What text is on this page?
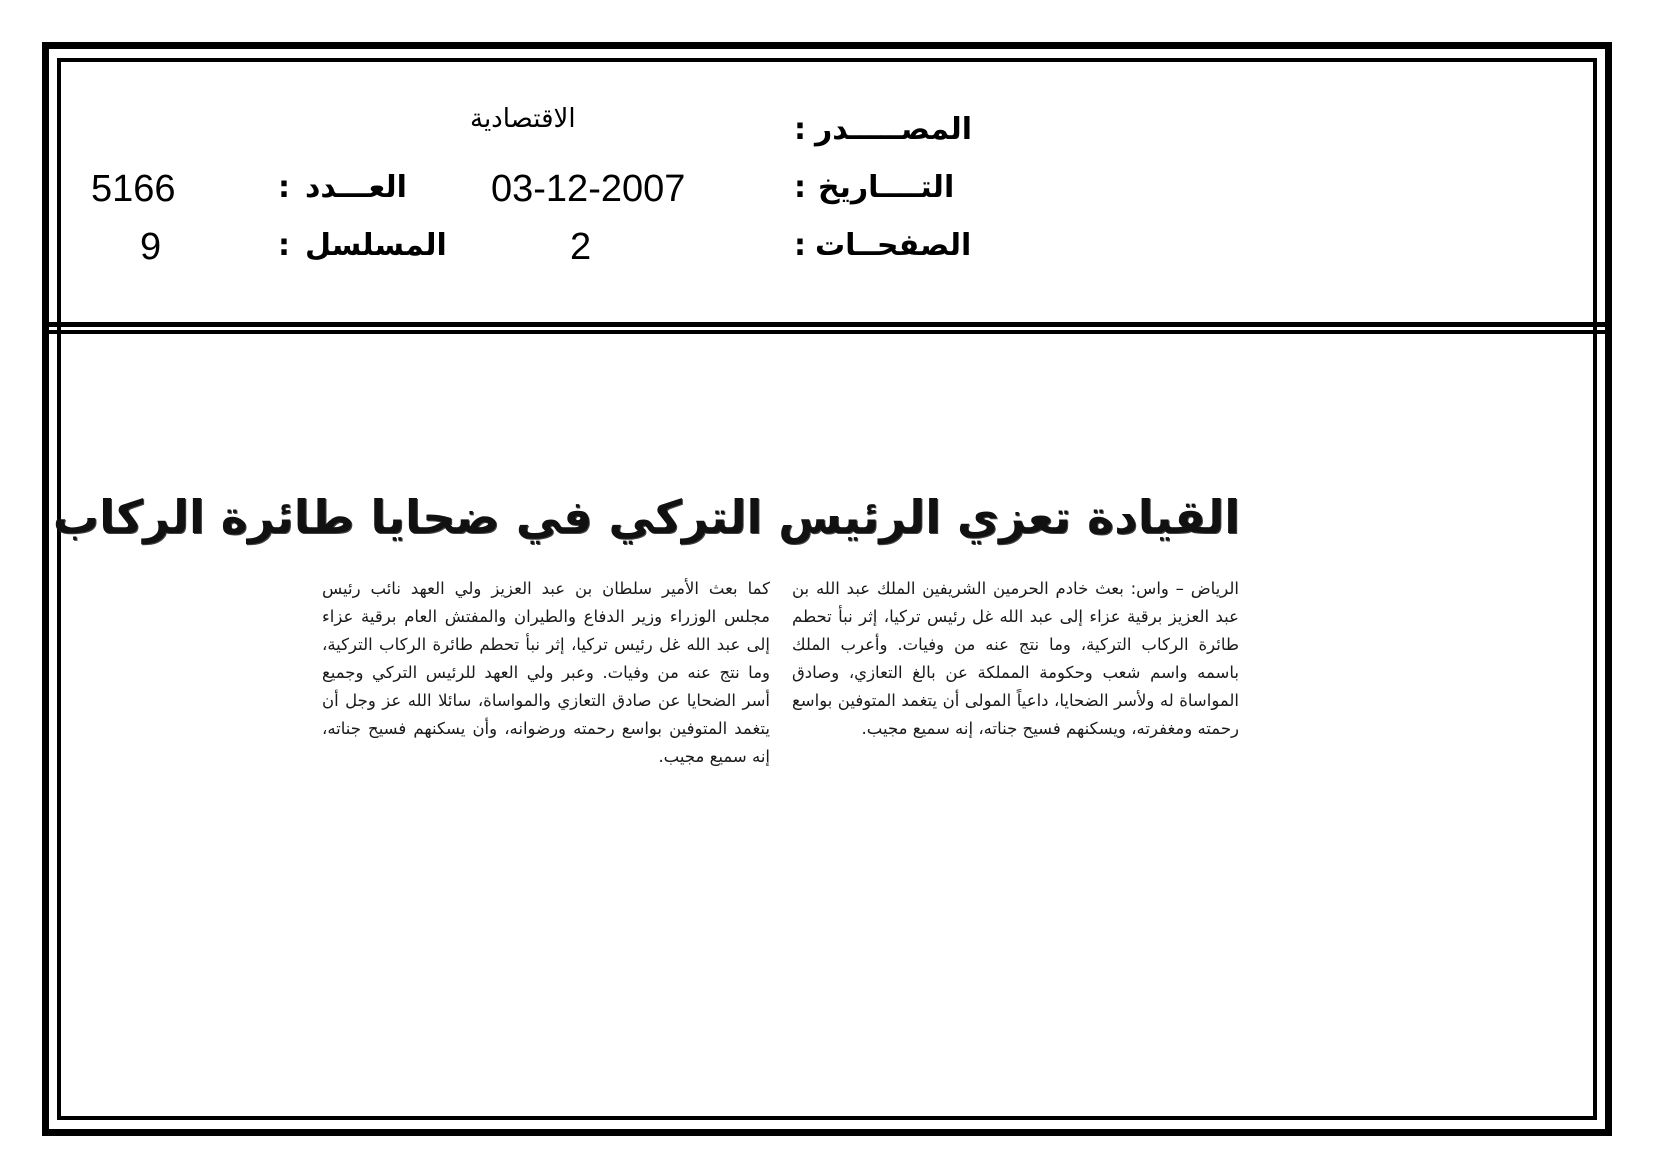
المصـــــدر
:
الاقتصادية
التــــاريخ
:
03-12-2007
العـــدد
:
5166
الصفحــات
:
2
المسلسل
:
9
القيادة تعزي الرئيس التركي في ضحايا طائرة الركاب
الرياض – واس: بعث خادم الحرمين الشريفين الملك عبد الله بن عبد العزيز برقية عزاء إلى عبد الله غل رئيس تركيا، إثر نبأ تحطم طائرة الركاب التركية، وما نتج عنه من وفيات. وأعرب الملك باسمه واسم شعب وحكومة المملكة عن بالغ التعازي، وصادق المواساة له ولأسر الضحايا، داعياً المولى أن يتغمد المتوفين بواسع رحمته ومغفرته، ويسكنهم فسيح جناته، إنه سميع مجيب.
كما بعث الأمير سلطان بن عبد العزيز ولي العهد نائب رئيس مجلس الوزراء وزير الدفاع والطيران والمفتش العام برقية عزاء إلى عبد الله غل رئيس تركيا، إثر نبأ تحطم طائرة الركاب التركية، وما نتج عنه من وفيات. وعبر ولي العهد للرئيس التركي وجميع أسر الضحايا عن صادق التعازي والمواساة، سائلا الله عز وجل أن يتغمد المتوفين بواسع رحمته ورضوانه، وأن يسكنهم فسيح جناته، إنه سميع مجيب.
